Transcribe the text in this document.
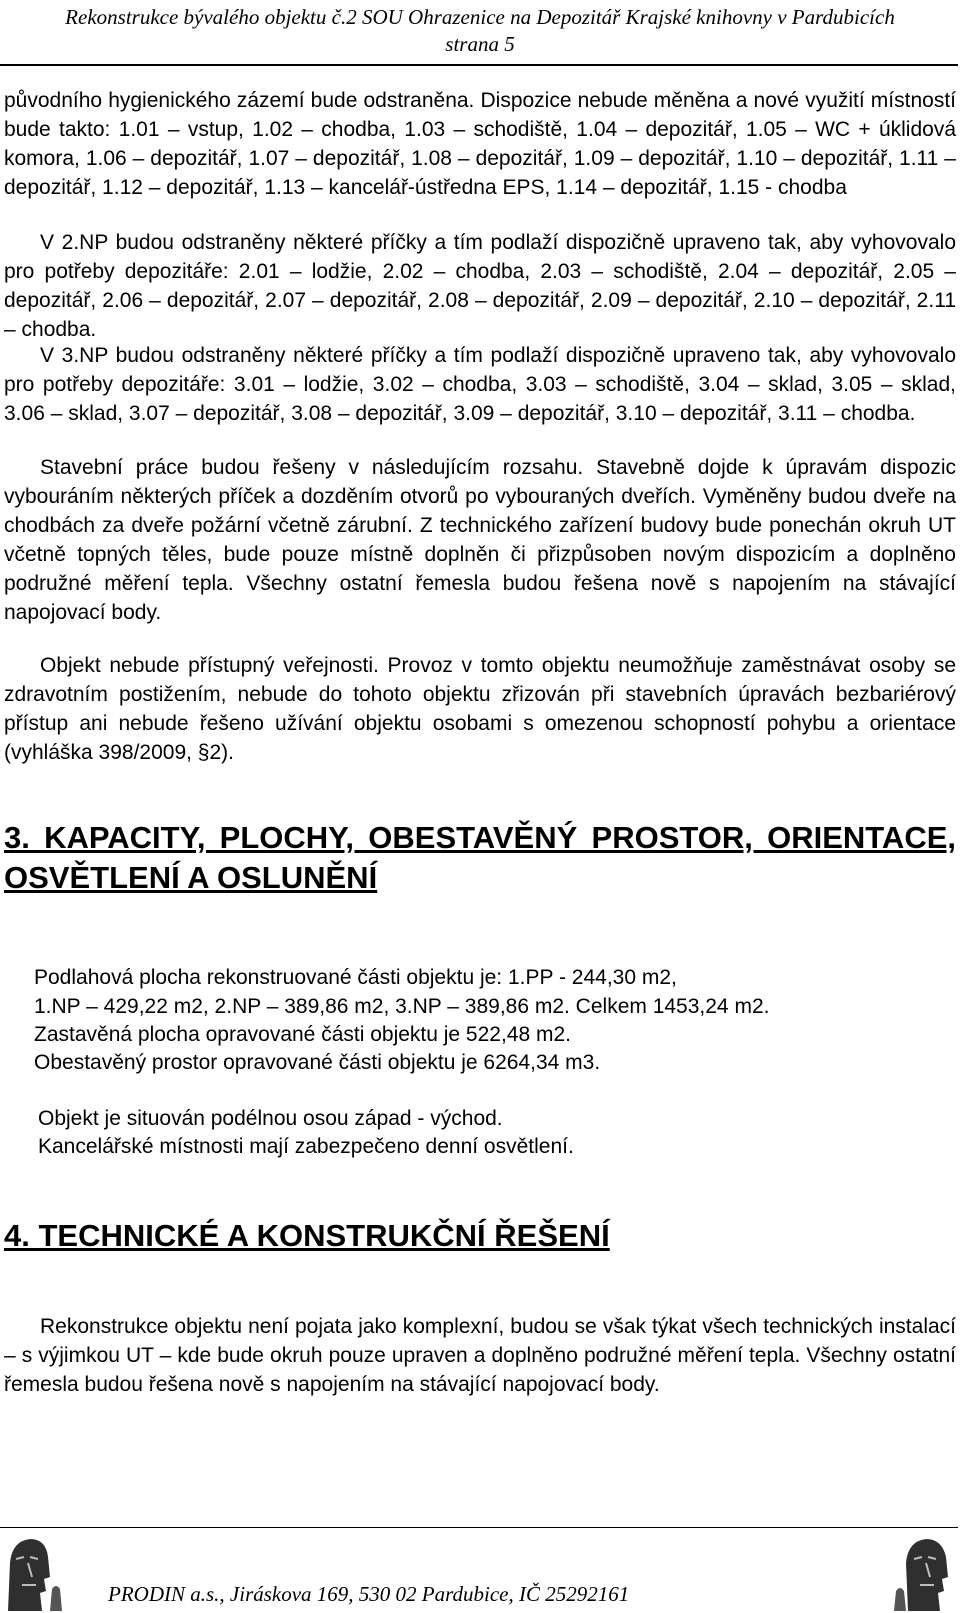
Rekonstrukce bývalého objektu č.2 SOU Ohrazenice na Depozitář Krajské knihovny v Pardubicích
strana 5

původního hygienického zázemí bude odstraněna. Dispozice nebude měněna a nové využití místností bude takto: 1.01 – vstup, 1.02 – chodba, 1.03 – schodiště, 1.04 – depozitář, 1.05 – WC + úklidová komora, 1.06 – depozitář, 1.07 – depozitář, 1.08 – depozitář, 1.09 – depozitář, 1.10 – depozitář, 1.11 – depozitář, 1.12 – depozitář, 1.13 – kancelář-ústředna EPS, 1.14 – depozitář, 1.15 - chodba

V 2.NP budou odstraněny některé příčky a tím podlaží dispozičně upraveno tak, aby vyhovovalo pro potřeby depozitáře: 2.01 – lodžie, 2.02 – chodba, 2.03 – schodiště, 2.04 – depozitář, 2.05 – depozitář, 2.06 – depozitář, 2.07 – depozitář, 2.08 – depozitář, 2.09 – depozitář, 2.10 – depozitář, 2.11 – chodba.

V 3.NP budou odstraněny některé příčky a tím podlaží dispozičně upraveno tak, aby vyhovovalo pro potřeby depozitáře: 3.01 – lodžie, 3.02 – chodba, 3.03 – schodiště, 3.04 – sklad, 3.05 – sklad, 3.06 – sklad, 3.07 – depozitář, 3.08 – depozitář, 3.09 – depozitář, 3.10 – depozitář, 3.11 – chodba.

Stavební práce budou řešeny v následujícím rozsahu. Stavebně dojde k úpravám dispozic vybouráním některých příček a dozděním otvorů po vybouraných dveřích. Vyměněny budou dveře na chodbách za dveře požární včetně zárubní. Z technického zařízení budovy bude ponechán okruh UT včetně topných těles, bude pouze místně doplněn či přizpůsoben novým dispozicím a doplněno podružné měření tepla. Všechny ostatní řemesla budou řešena nově s napojením na stávající napojovací body.

Objekt nebude přístupný veřejnosti. Provoz v tomto objektu neumožňuje zaměstnávat osoby se zdravotním postižením, nebude do tohoto objektu zřizován při stavebních úpravách bezbariérový přístup ani nebude řešeno užívání objektu osobami s omezenou schopností pohybu a orientace (vyhláška 398/2009, §2).

3. KAPACITY, PLOCHY, OBESTAVĚNÝ PROSTOR, ORIENTACE, OSVĚTLENÍ A OSLUNĚNÍ
Podlahová plocha rekonstruované části objektu je: 1.PP - 244,30 m2,
1.NP – 429,22 m2, 2.NP – 389,86 m2, 3.NP – 389,86 m2. Celkem 1453,24 m2.
Zastavěná plocha opravované části objektu je 522,48 m2.
Obestavěný prostor opravované části objektu je 6264,34 m3.
Objekt je situován podélnou osou západ - východ.
Kancelářské místnosti mají zabezpečeno denní osvětlení.
4. TECHNICKÉ A KONSTRUKČNÍ ŘEŠENÍ

Rekonstrukce objektu není pojata jako komplexní, budou se však týkat všech technických instalací – s výjimkou UT – kde bude okruh pouze upraven a doplněno podružné měření tepla. Všechny ostatní řemesla budou řešena nově s napojením na stávající napojovací body.

PRODIN a.s., Jiráskova 169, 530 02 Pardubice, IČ 25292161
